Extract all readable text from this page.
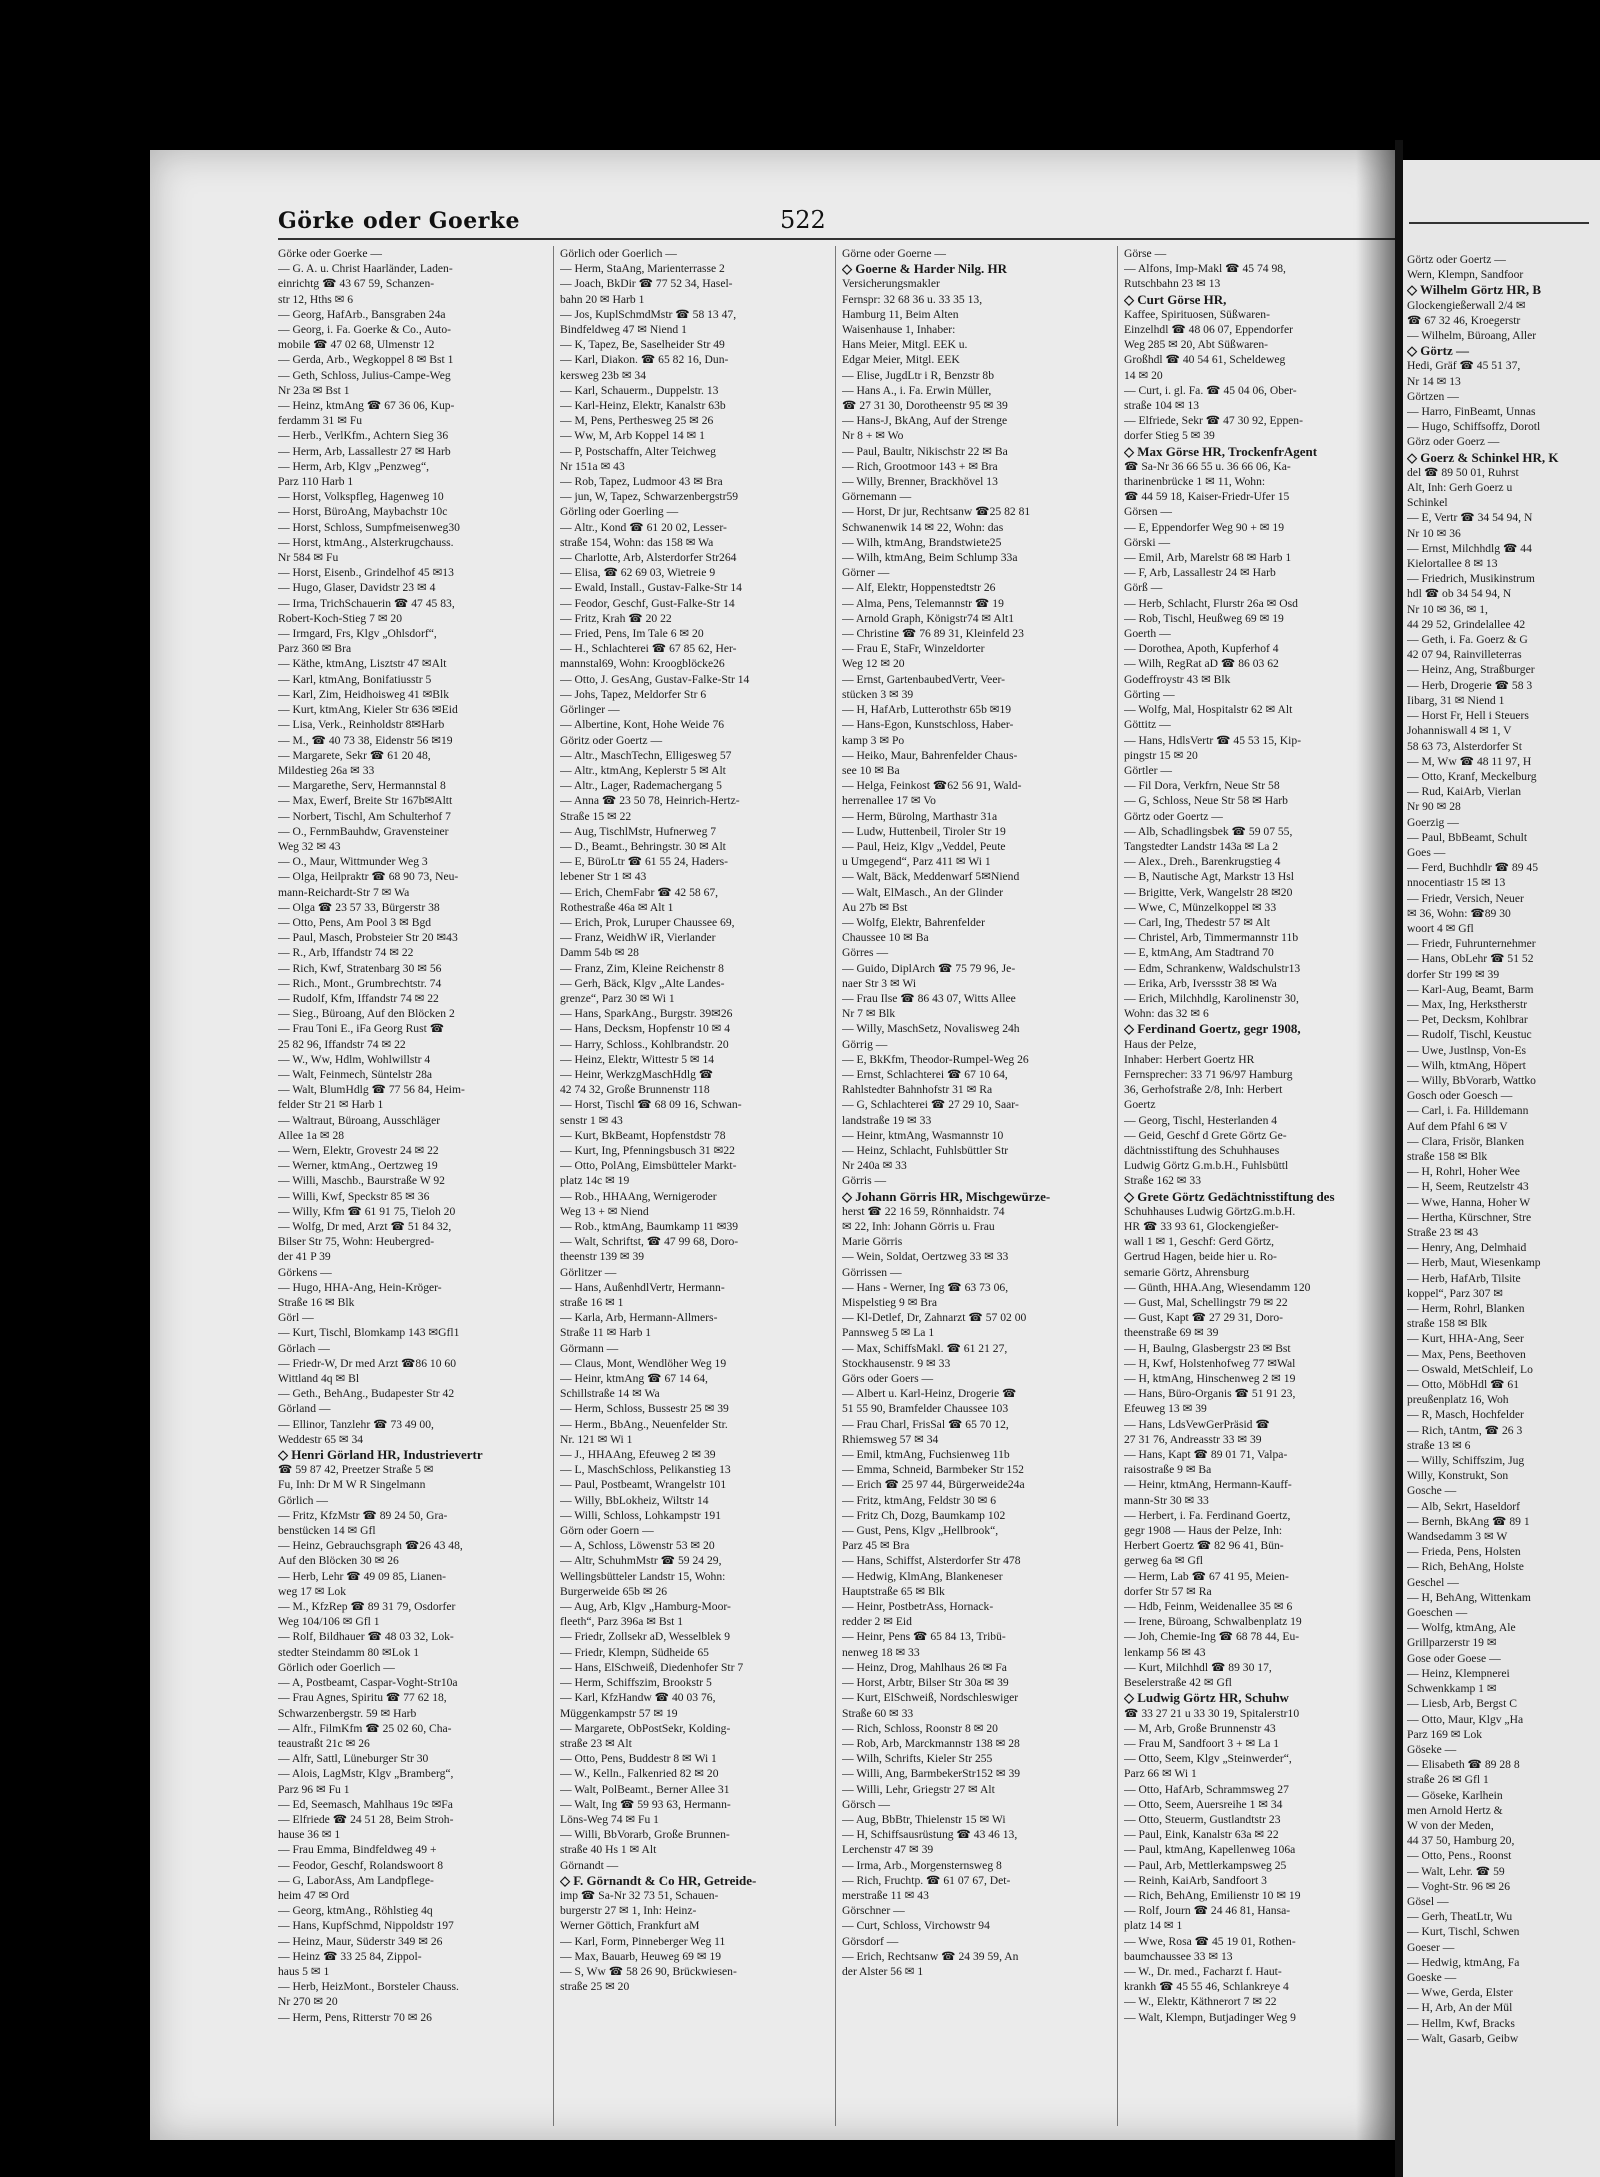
Görke oder Goerke	522
Görke oder Goerke —
— G. A. u. Christ Haarländer, Laden-
einrichtg ☎ 43 67 59, Schanzen-
str 12, Hths ✉ 6
— Georg, HafArb., Bansgraben 24a
— Georg, i. Fa. Goerke & Co., Auto-
mobile ☎ 47 02 68, Ulmenstr 12
— Gerda, Arb., Wegkoppel 8 ✉ Bst 1
— Geth, Schloss, Julius-Campe-Weg
Nr 23a ✉ Bst 1
— Heinz, ktmAng ☎ 67 36 06, Kup-
ferdamm 31 ✉ Fu
— Herb., VerlKfm., Achtern Sieg 36
— Herm, Arb, Lassallestr 27 ✉ Harb
— Herm, Arb, Klgv „Penzweg“,
Parz 110 Harb 1
— Horst, Volkspfleg, Hagenweg 10
— Horst, BüroAng, Maybachstr 10c
— Horst, Schloss, Sumpfmeisenweg30
— Horst, ktmAng., Alsterkrugchauss.
Nr 584 ✉ Fu
— Horst, Eisenb., Grindelhof 45 ✉13
— Hugo, Glaser, Davidstr 23 ✉ 4
— Irma, TrichSchauerin ☎ 47 45 83,
Robert-Koch-Stieg 7 ✉ 20
— Irmgard, Frs, Klgv „Ohlsdorf“,
Parz 360 ✉ Bra
— Käthe, ktmAng, Lisztstr 47 ✉Alt
— Karl, ktmAng, Bonifatiusstr 5
— Karl, Zim, Heidhoisweg 41 ✉Blk
— Kurt, ktmAng, Kieler Str 636 ✉Eid
— Lisa, Verk., Reinholdstr 8✉Harb
— M., ☎ 40 73 38, Eidenstr 56 ✉19
— Margarete, Sekr ☎ 61 20 48,
Mildestieg 26a ✉ 33
— Margarethe, Serv, Hermannstal 8
— Max, Ewerf, Breite Str 167b✉Altt
— Norbert, Tischl, Am Schulterhof 7
— O., FernmBauhdw, Gravensteiner
Weg 32 ✉ 43
— O., Maur, Wittmunder Weg 3
— Olga, Heilpraktr ☎ 68 90 73, Neu-
mann-Reichardt-Str 7 ✉ Wa
— Olga ☎ 23 57 33, Bürgerstr 38
— Otto, Pens, Am Pool 3 ✉ Bgd
— Paul, Masch, Probsteier Str 20 ✉43
— R., Arb, Iffandstr 74 ✉ 22
— Rich, Kwf, Stratenbarg 30 ✉ 56
— Rich., Mont., Grumbrechtstr. 74
— Rudolf, Kfm, Iffandstr 74 ✉ 22
— Sieg., Büroang, Auf den Blöcken 2
— Frau Toni E., iFa Georg Rust ☎
25 82 96, Iffandstr 74 ✉ 22
— W., Ww, Hdlm, Wohlwillstr 4
— Walt, Feinmech, Süntelstr 28a
— Walt, BlumHdlg ☎ 77 56 84, Heim-
felder Str 21 ✉ Harb 1
— Waltraut, Büroang, Ausschläger
Allee 1a ✉ 28
— Wern, Elektr, Grovestr 24 ✉ 22
— Werner, ktmAng., Oertzweg 19
— Willi, Maschb., Baurstraße W 92
— Willi, Kwf, Speckstr 85 ✉ 36
— Willy, Kfm ☎ 61 91 75, Tieloh 20
— Wolfg, Dr med, Arzt ☎ 51 84 32,
Bilser Str 75, Wohn: Heubergred-
der 41 P 39
Görkens —
— Hugo, HHA-Ang, Hein-Kröger-
Straße 16 ✉ Blk
Görl —
— Kurt, Tischl, Blomkamp 143 ✉Gfl1
Görlach —
— Friedr-W, Dr med Arzt ☎86 10 60
Wittland 4q ✉ Bl
— Geth., BehAng., Budapester Str 42
Görland —
— Ellinor, Tanzlehr ☎ 73 49 00,
Weddestr 65 ✉ 34
◇ Henri Görland HR, Industrievertr
☎ 59 87 42, Preetzer Straße 5 ✉
Fu, Inh: Dr M W R Singelmann
Görlich —
— Fritz, KfzMstr ☎ 89 24 50, Gra-
benstücken 14 ✉ Gfl
— Heinz, Gebrauchsgraph ☎26 43 48,
Auf den Blöcken 30 ✉ 26
— Herb, Lehr ☎ 49 09 85, Lianen-
weg 17 ✉ Lok
— M., KfzRep ☎ 89 31 79, Osdorfer
Weg 104/106 ✉ Gfl 1
— Rolf, Bildhauer ☎ 48 03 32, Lok-
stedter Steindamm 80 ✉Lok 1
Görlich oder Goerlich —
— A, Postbeamt, Caspar-Voght-Str10a
— Frau Agnes, Spiritu ☎ 77 62 18,
Schwarzenbergstr. 59 ✉ Harb
— Alfr., FilmKfm ☎ 25 02 60, Cha-
teaustraßt 21c ✉ 26
— Alfr, Sattl, Lüneburger Str 30
— Alois, LagMstr, Klgv „Bramberg“,
Parz 96 ✉ Fu 1
— Ed, Seemasch, Mahlhaus 19c ✉Fa
— Elfriede ☎ 24 51 28, Beim Stroh-
hause 36 ✉ 1
— Frau Emma, Bindfeldweg 49 +
— Feodor, Geschf, Rolandswoort 8
— G, LaborAss, Am Landpflege-
heim 47 ✉ Ord
— Georg, ktmAng., Röhlstieg 4q
— Hans, KupfSchmd, Nippoldstr 197
— Heinz, Maur, Süderstr 349 ✉ 26
— Heinz ☎ 33 25 84, Zippol-
haus 5 ✉ 1
— Herb, HeizMont., Borsteler Chauss.
Nr 270 ✉ 20
— Herm, Pens, Ritterstr 70 ✉ 26
Görlich oder Goerlich —
— Herm, StaAng, Marienterrasse 2
— Joach, BkDir ☎ 77 52 34, Hasel-
bahn 20 ✉ Harb 1
— Jos, KuplSchmdMstr ☎ 58 13 47,
Bindfeldweg 47 ✉ Niend 1
— K, Tapez, Be, Saselheider Str 49
— Karl, Diakon. ☎ 65 82 16, Dun-
kersweg 23b ✉ 34
— Karl, Schauerm., Duppelstr. 13
— Karl-Heinz, Elektr, Kanalstr 63b
— M, Pens, Perthesweg 25 ✉ 26
— Ww, M, Arb Koppel 14 ✉ 1
— P, Postschaffn, Alter Teichweg
Nr 151a ✉ 43
— Rob, Tapez, Ludmoor 43 ✉ Bra
— jun, W, Tapez, Schwarzenbergstr59
Görling oder Goerling —
— Altr., Kond ☎ 61 20 02, Lesser-
straße 154, Wohn: das 158 ✉ Wa
— Charlotte, Arb, Alsterdorfer Str264
— Elisa, ☎ 62 69 03, Wietreie 9
— Ewald, Install., Gustav-Falke-Str 14
— Feodor, Geschf, Gust-Falke-Str 14
— Fritz, Krah ☎ 20 22
— Fried, Pens, Im Tale 6 ✉ 20
— H., Schlachterei ☎ 67 85 62, Her-
mannstal69, Wohn: Kroogblöcke26
— Otto, J. GesAng, Gustav-Falke-Str 14
— Johs, Tapez, Meldorfer Str 6
Görlinger —
— Albertine, Kont, Hohe Weide 76
Göritz oder Goertz —
— Altr., MaschTechn, Elligesweg 57
— Altr., ktmAng, Keplerstr 5 ✉ Alt
— Altr., Lager, Rademachergang 5
— Anna ☎ 23 50 78, Heinrich-Hertz-
Straße 15 ✉ 22
— Aug, TischlMstr, Hufnerweg 7
— D., Beamt., Behringstr. 30 ✉ Alt
— E, BüroLtr ☎ 61 55 24, Haders-
lebener Str 1 ✉ 43
— Erich, ChemFabr ☎ 42 58 67,
Rothestraße 46a ✉ Alt 1
— Erich, Prok, Luruper Chaussee 69,
— Franz, WeidhW iR, Vierlander
Damm 54b ✉ 28
— Franz, Zim, Kleine Reichenstr 8
— Gerh, Bäck, Klgv „Alte Landes-
grenze“, Parz 30 ✉ Wi 1
— Hans, SparkAng., Burgstr. 39✉26
— Hans, Decksm, Hopfenstr 10 ✉ 4
— Harry, Schloss., Kohlbrandstr. 20
— Heinz, Elektr, Wittestr 5 ✉ 14
— Heinr, WerkzgMaschHdlg ☎
42 74 32, Große Brunnenstr 118
— Horst, Tischl ☎ 68 09 16, Schwan-
senstr 1 ✉ 43
— Kurt, BkBeamt, Hopfenstdstr 78
— Kurt, Ing, Pfenningsbusch 31 ✉22
— Otto, PolAng, Eimsbütteler Markt-
platz 14c ✉ 19
— Rob., HHAAng, Wernigeroder
Weg 13 + ✉ Niend
— Rob., ktmAng, Baumkamp 11 ✉39
— Walt, Schriftst, ☎ 47 99 68, Doro-
theenstr 139 ✉ 39
Görlitzer —
— Hans, AußenhdlVertr, Hermann-
straße 16 ✉ 1
— Karla, Arb, Hermann-Allmers-
Straße 11 ✉ Harb 1
Görmann —
— Claus, Mont, Wendlöher Weg 19
— Heinr, ktmAng ☎ 67 14 64,
Schillstraße 14 ✉ Wa
— Herm, Schloss, Bussestr 25 ✉ 39
— Herm., BbAng., Neuenfelder Str.
Nr. 121 ✉ Wi 1
— J., HHAAng, Efeuweg 2 ✉ 39
— L, MaschSchloss, Pelikanstieg 13
— Paul, Postbeamt, Wrangelstr 101
— Willy, BbLokheiz, Wiltstr 14
— Willi, Schloss, Lohkampstr 191
Görn oder Goern —
— A, Schloss, Löwenstr 53 ✉ 20
— Altr, SchuhmMstr ☎ 59 24 29,
Wellingsbütteler Landstr 15, Wohn:
Burgerweide 65b ✉ 26
— Aug, Arb, Klgv „Hamburg-Moor-
fleeth“, Parz 396a ✉ Bst 1
— Friedr, Zollsekr aD, Wesselblek 9
— Friedr, Klempn, Südheide 65
— Hans, ElSchweiß, Diedenhofer Str 7
— Herm, Schiffszim, Brookstr 5
— Karl, KfzHandw ☎ 40 03 76,
Müggenkampstr 57 ✉ 19
— Margarete, ObPostSekr, Kolding-
straße 23 ✉ Alt
— Otto, Pens, Buddestr 8 ✉ Wi 1
— W., Kelln., Falkenried 82 ✉ 20
— Walt, PolBeamt., Berner Allee 31
— Walt, Ing ☎ 59 93 63, Hermann-
Löns-Weg 74 ✉ Fu 1
— Willi, BbVorarb, Große Brunnen-
straße 40 Hs 1 ✉ Alt
Görnandt —
◇ F. Görnandt & Co HR, Getreide-
imp ☎ Sa-Nr 32 73 51, Schauen-
burgerstr 27 ✉ 1, Inh: Heinz-
Werner Göttich, Frankfurt aM
— Karl, Form, Pinneberger Weg 11
— Max, Bauarb, Heuweg 69 ✉ 19
— S, Ww ☎ 58 26 90, Brückwiesen-
straße 25 ✉ 20
Görne oder Goerne —
◇ Goerne & Harder Nilg. HR
Versicherungsmakler
Fernspr: 32 68 36 u. 33 35 13,
Hamburg 11, Beim Alten
Waisenhause 1, Inhaber:
Hans Meier, Mitgl. EEK u.
Edgar Meier, Mitgl. EEK
— Elise, JugdLtr i R, Benzstr 8b
— Hans A., i. Fa. Erwin Müller,
☎ 27 31 30, Dorotheenstr 95 ✉ 39
— Hans-J, BkAng, Auf der Strenge
Nr 8 + ✉ Wo
— Paul, Baultr, Nikischstr 22 ✉ Ba
— Rich, Grootmoor 143 + ✉ Bra
— Willy, Brenner, Brackhövel 13
Görnemann —
— Horst, Dr jur, Rechtsanw ☎25 82 81
Schwanenwik 14 ✉ 22, Wohn: das
— Wilh, ktmAng, Brandstwiete25
— Wilh, ktmAng, Beim Schlump 33a
Görner —
— Alf, Elektr, Hoppenstedtstr 26
— Alma, Pens, Telemannstr ☎ 19
— Arnold Graph, Königstr74 ✉ Alt1
— Christine ☎ 76 89 31, Kleinfeld 23
— Frau E, StaFr, Winzeldorter
Weg 12 ✉ 20
— Ernst, GartenbaubedVertr, Veer-
stücken 3 ✉ 39
— H, HafArb, Lutterothstr 65b ✉19
— Hans-Egon, Kunstschloss, Haber-
kamp 3 ✉ Po
— Heiko, Maur, Bahrenfelder Chaus-
see 10 ✉ Ba
— Helga, Feinkost ☎62 56 91, Wald-
herrenallee 17 ✉ Vo
— Herm, Bürolng, Marthastr 31a
— Ludw, Huttenbeil, Tiroler Str 19
— Paul, Heiz, Klgv „Veddel, Peute
u Umgegend“, Parz 411 ✉ Wi 1
— Walt, Bäck, Meddenwarf 5✉Niend
— Walt, ElMasch., An der Glinder
Au 27b ✉ Bst
— Wolfg, Elektr, Bahrenfelder
Chaussee 10 ✉ Ba
Görres —
— Guido, DiplArch ☎ 75 79 96, Je-
naer Str 3 ✉ Wi
— Frau Ilse ☎ 86 43 07, Witts Allee
Nr 7 ✉ Blk
— Willy, MaschSetz, Novalisweg 24h
Görrig —
— E, BkKfm, Theodor-Rumpel-Weg 26
— Ernst, Schlachterei ☎ 67 10 64,
Rahlstedter Bahnhofstr 31 ✉ Ra
— G, Schlachterei ☎ 27 29 10, Saar-
landstraße 19 ✉ 33
— Heinr, ktmAng, Wasmannstr 10
— Heinz, Schlacht, Fuhlsbüttler Str
Nr 240a ✉ 33
Görris —
◇ Johann Görris HR, Mischgewürze-
herst ☎ 22 16 59, Rönnhaidstr. 74
✉ 22, Inh: Johann Görris u. Frau
Marie Görris
— Wein, Soldat, Oertzweg 33 ✉ 33
Görrissen —
— Hans - Werner, Ing ☎ 63 73 06,
Mispelstieg 9 ✉ Bra
— Kl-Detlef, Dr, Zahnarzt ☎ 57 02 00
Pannsweg 5 ✉ La 1
— Max, SchiffsMakl. ☎ 61 21 27,
Stockhausenstr. 9 ✉ 33
Görs oder Goers —
— Albert u. Karl-Heinz, Drogerie ☎
51 55 90, Bramfelder Chaussee 103
— Frau Charl, FrisSal ☎ 65 70 12,
Rhiemsweg 57 ✉ 34
— Emil, ktmAng, Fuchsienweg 11b
— Emma, Schneid, Barmbeker Str 152
— Erich ☎ 25 97 44, Bürgerweide24a
— Fritz, ktmAng, Feldstr 30 ✉ 6
— Fritz Ch, Dozg, Baumkamp 102
— Gust, Pens, Klgv „Hellbrook“,
Parz 45 ✉ Bra
— Hans, Schiffst, Alsterdorfer Str 478
— Hedwig, KlmAng, Blankeneser
Hauptstraße 65 ✉ Blk
— Heinr, PostbetrAss, Hornack-
redder 2 ✉ Eid
— Heinr, Pens ☎ 65 84 13, Tribü-
nenweg 18 ✉ 33
— Heinz, Drog, Mahlhaus 26 ✉ Fa
— Horst, Arbtr, Bilser Str 30a ✉ 39
— Kurt, ElSchweiß, Nordschleswiger
Straße 60 ✉ 33
— Rich, Schloss, Roonstr 8 ✉ 20
— Rob, Arb, Marckmannstr 138 ✉ 28
— Wilh, Schrifts, Kieler Str 255
— Willi, Ang, BarmbekerStr152 ✉ 39
— Willi, Lehr, Griegstr 27 ✉ Alt
Görsch —
— Aug, BbBtr, Thielenstr 15 ✉ Wi
— H, Schiffsausrüstung ☎ 43 46 13,
Lerchenstr 47 ✉ 39
— Irma, Arb., Morgensternsweg 8
— Rich, Fruchtp. ☎ 61 07 67, Det-
merstraße 11 ✉ 43
Görschner —
— Curt, Schloss, Virchowstr 94
Görsdorf —
— Erich, Rechtsanw ☎ 24 39 59, An
der Alster 56 ✉ 1
Görse —
— Alfons, Imp-Makl ☎ 45 74 98,
Rutschbahn 23 ✉ 13
◇ Curt Görse HR,
Kaffee, Spirituosen, Süßwaren-
Einzelhdl ☎ 48 06 07, Eppendorfer
Weg 285 ✉ 20, Abt Süßwaren-
Großhdl ☎ 40 54 61, Scheldeweg
14 ✉ 20
— Curt, i. gl. Fa. ☎ 45 04 06, Ober-
straße 104 ✉ 13
— Elfriede, Sekr ☎ 47 30 92, Eppen-
dorfer Stieg 5 ✉ 39
◇ Max Görse HR, TrockenfrAgent
☎ Sa-Nr 36 66 55 u. 36 66 06, Ka-
tharinenbrücke 1 ✉ 11, Wohn:
☎ 44 59 18, Kaiser-Friedr-Ufer 15
Görsen —
— E, Eppendorfer Weg 90 + ✉ 19
Görski —
— Emil, Arb, Marelstr 68 ✉ Harb 1
— F, Arb, Lassallestr 24 ✉ Harb
Görß —
— Herb, Schlacht, Flurstr 26a ✉ Osd
— Rob, Tischl, Heußweg 69 ✉ 19
Goerth —
— Dorothea, Apoth, Kupferhof 4
— Wilh, RegRat aD ☎ 86 03 62
Godeffroystr 43 ✉ Blk
Görting —
— Wolfg, Mal, Hospitalstr 62 ✉ Alt
Göttitz —
— Hans, HdlsVertr ☎ 45 53 15, Kip-
pingstr 15 ✉ 20
Görtler —
— Fil Dora, Verkfrn, Neue Str 58
— G, Schloss, Neue Str 58 ✉ Harb
Görtz oder Goertz —
— Alb, Schadlingsbek ☎ 59 07 55,
Tangstedter Landstr 143a ✉ La 2
— Alex., Dreh., Barenkrugstieg 4
— B, Nautische Agt, Markstr 13 Hsl
— Brigitte, Verk, Wangelstr 28 ✉20
— Wwe, C, Münzelkoppel ✉ 33
— Carl, Ing, Thedestr 57 ✉ Alt
— Christel, Arb, Timmermannstr 11b
— E, ktmAng, Am Stadtrand 70
— Edm, Schrankenw, Waldschulstr13
— Erika, Arb, Iverssstr 38 ✉ Wa
— Erich, Milchhdlg, Karolinenstr 30,
Wohn: das 32 ✉ 6
◇ Ferdinand Goertz, gegr 1908,
Haus der Pelze,
Inhaber: Herbert Goertz HR
Fernsprecher: 33 71 96/97 Hamburg
36, Gerhofstraße 2/8, Inh: Herbert
Goertz
— Georg, Tischl, Hesterlanden 4
— Geid, Geschf d Grete Görtz Ge-
dächtnisstiftung des Schuhhauses
Ludwig Görtz G.m.b.H., Fuhlsbüttl
Straße 162 ✉ 33
◇ Grete Görtz Gedächtnisstiftung des
Schuhhauses Ludwig GörtzG.m.b.H.
HR ☎ 33 93 61, Glockengießer-
wall 1 ✉ 1, Geschf: Gerd Görtz,
Gertrud Hagen, beide hier u. Ro-
semarie Görtz, Ahrensburg
— Günth, HHA.Ang, Wiesendamm 120
— Gust, Mal, Schellingstr 79 ✉ 22
— Gust, Kapt ☎ 27 29 31, Doro-
theenstraße 69 ✉ 39
— H, Baulng, Glasbergstr 23 ✉ Bst
— H, Kwf, Holstenhofweg 77 ✉Wal
— H, ktmAng, Hinschenweg 2 ✉ 19
— Hans, Büro-Organis ☎ 51 91 23,
Efeuweg 13 ✉ 39
— Hans, LdsVewGerPräsid ☎
27 31 76, Andreasstr 33 ✉ 39
— Hans, Kapt ☎ 89 01 71, Valpa-
raisostraße 9 ✉ Ba
— Heinr, ktmAng, Hermann-Kauff-
mann-Str 30 ✉ 33
— Herbert, i. Fa. Ferdinand Goertz,
gegr 1908 — Haus der Pelze, Inh:
Herbert Goertz ☎ 82 96 41, Bün-
gerweg 6a ✉ Gfl
— Herm, Lab ☎ 67 41 95, Meien-
dorfer Str 57 ✉ Ra
— Hdb, Feinm, Weidenallee 35 ✉ 6
— Irene, Büroang, Schwalbenplatz 19
— Joh, Chemie-Ing ☎ 68 78 44, Eu-
lenkamp 56 ✉ 43
— Kurt, Milchhdl ☎ 89 30 17,
Beselerstraße 42 ✉ Gfl
◇ Ludwig Görtz HR, Schuhw
☎ 33 27 21 u 33 30 19, Spitalerstr10
— M, Arb, Große Brunnenstr 43
— Frau M, Sandfoort 3 + ✉ La 1
— Otto, Seem, Klgv „Steinwerder“,
Parz 66 ✉ Wi 1
— Otto, HafArb, Schrammsweg 27
— Otto, Seem, Auersreihe 1 ✉ 34
— Otto, Steuerm, Gustlandtstr 23
— Paul, Eink, Kanalstr 63a ✉ 22
— Paul, ktmAng, Kapellenweg 106a
— Paul, Arb, Mettlerkampsweg 25
— Reinh, KaiArb, Sandfoort 3
— Rich, BehAng, Emilienstr 10 ✉ 19
— Rolf, Journ ☎ 24 46 81, Hansa-
platz 14 ✉ 1
— Wwe, Rosa ☎ 45 19 01, Rothen-
baumchaussee 33 ✉ 13
— W., Dr. med., Facharzt f. Haut-
krankh ☎ 45 55 46, Schlankreye 4
— W., Elektr, Käthnerort 7 ✉ 22
— Walt, Klempn, Butjadinger Weg 9
Görtz oder Goertz —
Wern, Klempn, Sandfoor
◇ Wilhelm Görtz HR, B
Glockengießerwall 2/4 ✉
☎ 67 32 46, Kroegerstr
— Wilhelm, Büroang, Aller
◇ Görtz —
Hedi, Gräf ☎ 45 51 37,
Nr 14 ✉ 13
Görtzen —
— Harro, FinBeamt, Unnas
— Hugo, Schiffsoffz, Dorotl
Görz oder Goerz —
◇ Goerz & Schinkel HR, K
del ☎ 89 50 01, Ruhrst
Alt, Inh: Gerh Goerz u
Schinkel
— E, Vertr ☎ 34 54 94, N
Nr 10 ✉ 36
— Ernst, Milchhdlg ☎ 44
Kielortallee 8 ✉ 13
— Friedrich, Musikinstrum
hdl ☎ ob 34 54 94, N
Nr 10 ✉ 36, ✉ 1,
44 29 52, Grindelallee 42
— Geth, i. Fa. Goerz & G
42 07 94, Rainvilleterras
— Heinz, Ang, Straßburger
— Herb, Drogerie ☎ 58 3
Iibarg, 31 ✉ Niend 1
— Horst Fr, Hell i Steuers
Johanniswall 4 ✉ 1, V
58 63 73, Alsterdorfer St
— M, Ww ☎ 48 11 97, H
— Otto, Kranf, Meckelburg
— Rud, KaiArb, Vierlan
Nr 90 ✉ 28
Goerzig —
— Paul, BbBeamt, Schult
Goes —
— Ferd, Buchhdlr ☎ 89 45
nnocentiastr 15 ✉ 13
— Friedr, Versich, Neuer
✉ 36, Wohn: ☎89 30
woort 4 ✉ Gfl
— Friedr, Fuhrunternehmer
— Hans, ObLehr ☎ 51 52
dorfer Str 199 ✉ 39
— Karl-Aug, Beamt, Barm
— Max, Ing, Herkstherstr
— Pet, Decksm, Kohlbrar
— Rudolf, Tischl, Keustuc
— Uwe, Justlnsp, Von-Es
— Wilh, ktmAng, Höpert
— Willy, BbVorarb, Wattko
Gosch oder Goesch —
— Carl, i. Fa. Hilldemann
Auf dem Pfahl 6 ✉ V
— Clara, Frisör, Blanken
straße 158 ✉ Blk
— H, Rohrl, Hoher Wee
— H, Seem, Reutzelstr 43
— Wwe, Hanna, Hoher W
— Hertha, Kürschner, Stre
Straße 23 ✉ 43
— Henry, Ang, Delmhaid
— Herb, Maut, Wiesenkamp
— Herb, HafArb, Tilsite
koppel“, Parz 307 ✉
— Herm, Rohrl, Blanken
straße 158 ✉ Blk
— Kurt, HHA-Ang, Seer
— Max, Pens, Beethoven
— Oswald, MetSchleif, Lo
— Otto, MöbHdl ☎ 61
preußenplatz 16, Woh
— R, Masch, Hochfelder
— Rich, tAntm, ☎ 26 3
straße 13 ✉ 6
— Willy, Schiffszim, Jug
Willy, Konstrukt, Son
Gosche —
— Alb, Sekrt, Haseldorf
— Bernh, BkAng ☎ 89 1
Wandsedamm 3 ✉ W
— Frieda, Pens, Holsten
— Rich, BehAng, Holste
Geschel —
— H, BehAng, Wittenkam
Goeschen —
— Wolfg, ktmAng, Ale
Grillparzerstr 19 ✉
Gose oder Goese —
— Heinz, Klempnerei
Schwenkkamp 1 ✉
— Liesb, Arb, Bergst C
— Otto, Maur, Klgv „Ha
Parz 169 ✉ Lok
Göseke —
— Elisabeth ☎ 89 28 8
straße 26 ✉ Gfl 1
— Göseke, Karlhein
men Arnold Hertz &
W von der Meden,
44 37 50, Hamburg 20,
— Otto, Pens., Roonst
— Walt, Lehr. ☎ 59
— Voght-Str. 96 ✉ 26
Gösel —
— Gerh, TheatLtr, Wu
— Kurt, Tischl, Schwen
Goeser —
— Hedwig, ktmAng, Fa
Goeske —
— Wwe, Gerda, Elster
— H, Arb, An der Mül
— Hellm, Kwf, Bracks
— Walt, Gasarb, Geibw
